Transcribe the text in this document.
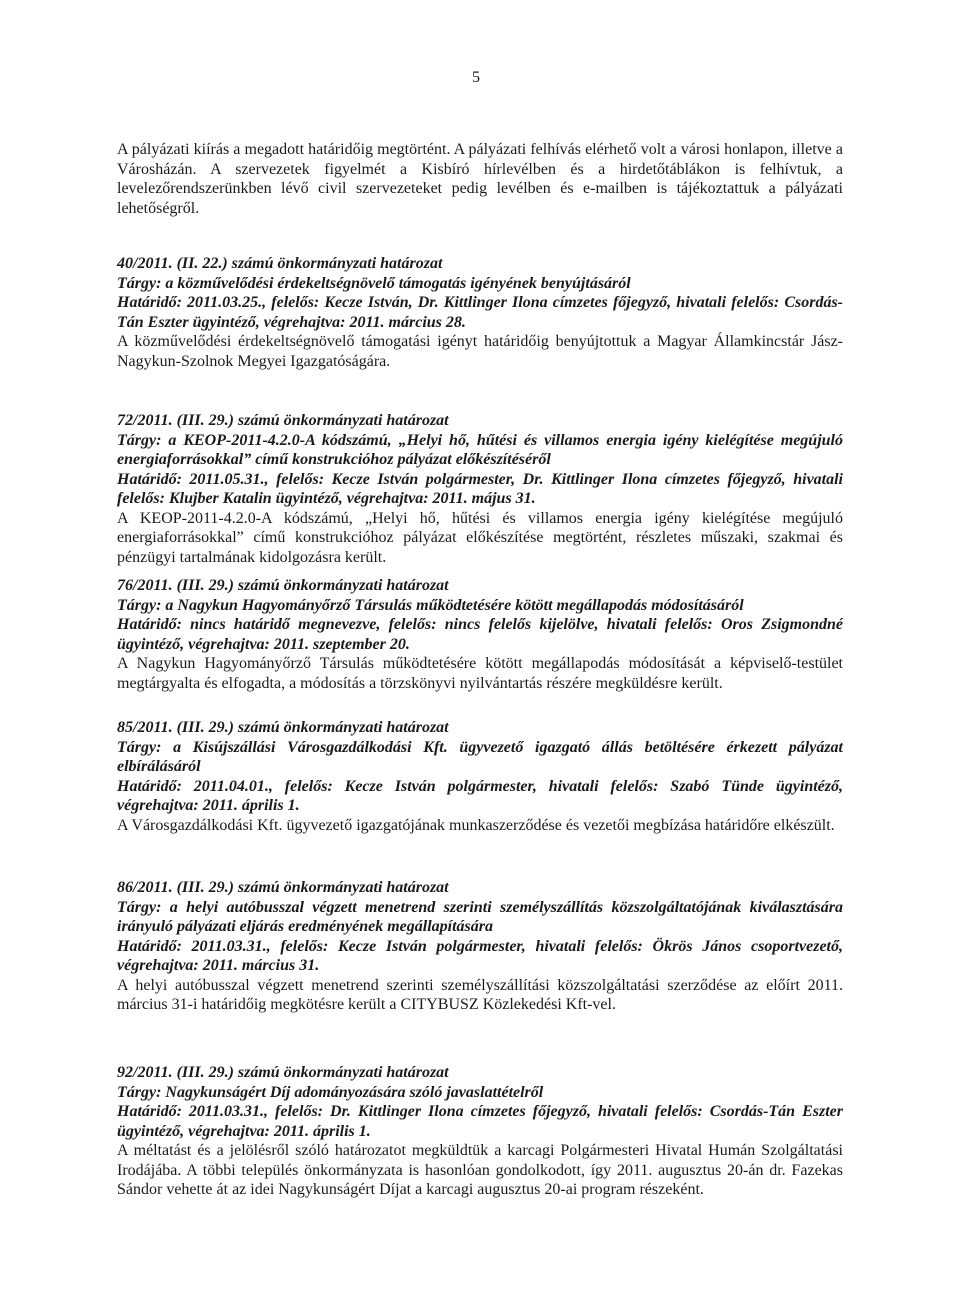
5

A pályázati kiírás a megadott határidőig megtörtént. A pályázati felhívás elérhető volt a városi honlapon, illetve a Városházán. A szervezetek figyelmét a Kisbíró hírlevélben és a hirdetőtáblákon is felhívtuk, a levelezőrendszerünkben lévő civil szervezeteket pedig levélben és e-mailben is tájékoztattuk a pályázati lehetőségről.

40/2011. (II. 22.) számú önkormányzati határozat

Tárgy: a közművelődési érdekeltségnövelő támogatás igényének benyújtásáról

Határidő: 2011.03.25., felelős: Kecze István, Dr. Kittlinger Ilona címzetes főjegyző, hivatali felelős: Csordás-Tán Eszter ügyintéző, végrehajtva: 2011. március 28.

A közművelődési érdekeltségnövelő támogatási igényt határidőig benyújtottuk a Magyar Államkincstár Jász-Nagykun-Szolnok Megyei Igazgatóságára.

72/2011. (III. 29.) számú önkormányzati határozat

Tárgy: a KEOP-2011-4.2.0-A kódszámú, „Helyi hő, hűtési és villamos energia igény kielégítése megújuló energiaforrásokkal” című konstrukcióhoz pályázat előkészítéséről

Határidő: 2011.05.31., felelős: Kecze István polgármester, Dr. Kittlinger Ilona címzetes főjegyző, hivatali felelős: Klujber Katalin ügyintéző, végrehajtva: 2011. május 31.

A KEOP-2011-4.2.0-A kódszámú, „Helyi hő, hűtési és villamos energia igény kielégítése megújuló energiaforrásokkal” című konstrukcióhoz pályázat előkészítése megtörtént, részletes műszaki, szakmai és pénzügyi tartalmának kidolgozásra került.

76/2011. (III. 29.) számú önkormányzati határozat

Tárgy: a Nagykun Hagyományőrző Társulás működtetésére kötött megállapodás módosításáról

Határidő: nincs határidő megnevezve, felelős: nincs felelős kijelölve, hivatali felelős: Oros Zsigmondné ügyintéző, végrehajtva: 2011. szeptember 20.

A Nagykun Hagyományőrző Társulás működtetésére kötött megállapodás módosítását a képviselő-testület megtárgyalta és elfogadta, a módosítás a törzskönyvi nyilvántartás részére megküldésre került.

85/2011. (III. 29.) számú önkormányzati határozat

Tárgy: a Kisújszállási Városgazdálkodási Kft. ügyvezető igazgató állás betöltésére érkezett pályázat elbírálásáról

Határidő: 2011.04.01., felelős: Kecze István polgármester, hivatali felelős: Szabó Tünde ügyintéző, végrehajtva: 2011. április 1.

A Városgazdálkodási Kft. ügyvezető igazgatójának munkaszerződése és vezetői megbízása határidőre elkészült.

86/2011. (III. 29.) számú önkormányzati határozat

Tárgy: a helyi autóbusszal végzett menetrend szerinti személyszállítás közszolgáltatójának kiválasztására irányuló pályázati eljárás eredményének megállapítására

Határidő: 2011.03.31., felelős: Kecze István polgármester, hivatali felelős: Ökrös János csoportvezető, végrehajtva: 2011. március 31.

A helyi autóbusszal végzett menetrend szerinti személyszállítási közszolgáltatási szerződése az előírt 2011. március 31-i határidőig megkötésre került a CITYBUSZ Közlekedési Kft-vel.

92/2011. (III. 29.) számú önkormányzati határozat

Tárgy: Nagykunságért Díj adományozására szóló javaslattételről

Határidő: 2011.03.31., felelős: Dr. Kittlinger Ilona címzetes főjegyző, hivatali felelős: Csordás-Tán Eszter ügyintéző, végrehajtva: 2011. április 1.

A méltatást és a jelölésről szóló határozatot megküldtük a karcagi Polgármesteri Hivatal Humán Szolgáltatási Irodájába. A többi település önkormányzata is hasonlóan gondolkodott, így 2011. augusztus 20-án dr. Fazekas Sándor vehette át az idei Nagykunságért Díjat a karcagi augusztus 20-ai program részeként.
